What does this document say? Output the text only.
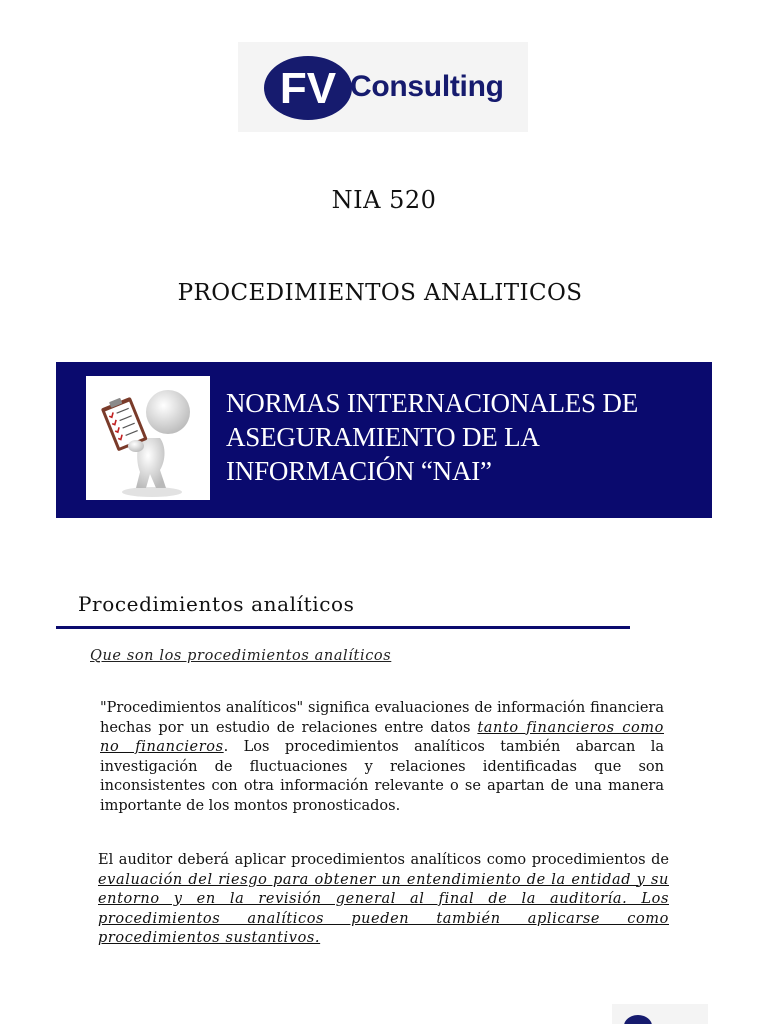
FV Consulting
NIA 520
PROCEDIMIENTOS ANALITICOS
NORMAS INTERNACIONALES DE
ASEGURAMIENTO DE LA
INFORMACIÓN “NAI”
Procedimientos analíticos
Que son los procedimientos analíticos
"Procedimientos analíticos" significa evaluaciones de información financiera hechas por un estudio de relaciones entre datos tanto financieros como no financieros. Los procedimientos analíticos también abarcan la investigación de fluctuaciones y relaciones identificadas que son inconsistentes con otra información relevante o se apartan de una manera importante de los montos pronosticados.
El auditor deberá aplicar procedimientos analíticos como procedimientos de evaluación del riesgo para obtener un entendimiento de la entidad y su entorno y en la revisión general al final de la auditoría. Los procedimientos analíticos pueden también aplicarse como procedimientos sustantivos.
